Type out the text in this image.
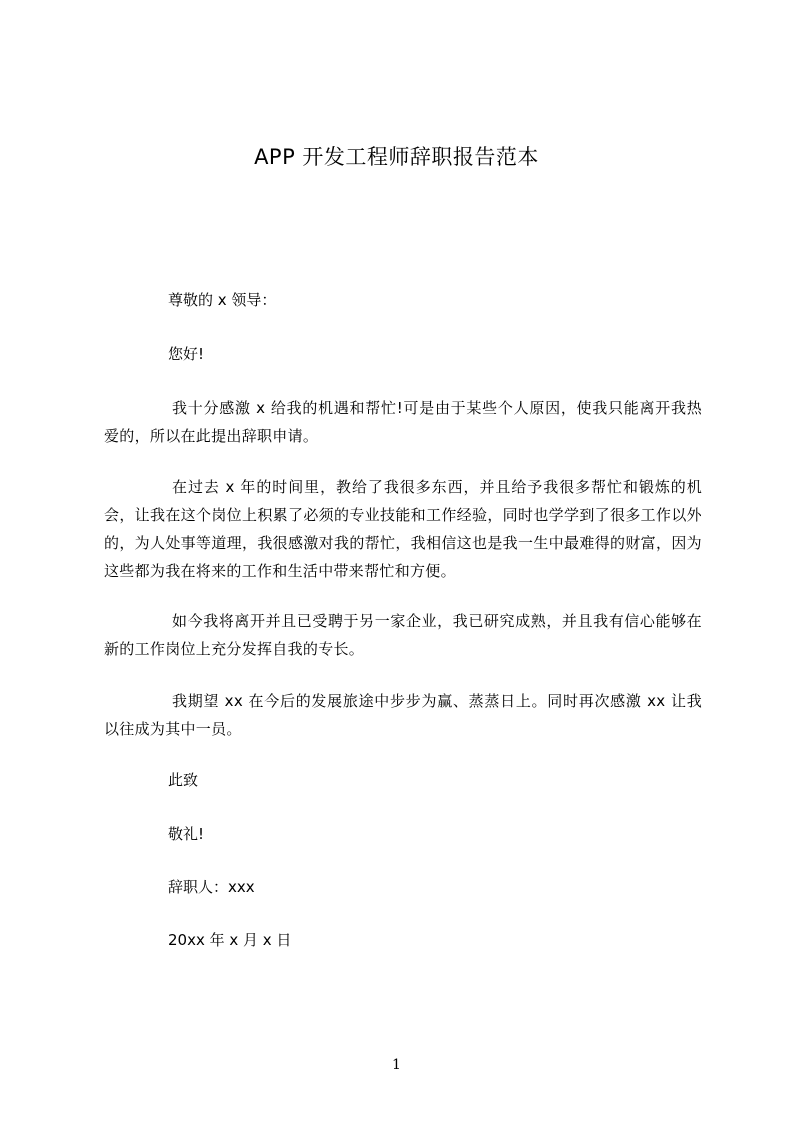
APP 开发工程师辞职报告范本
尊敬的 x 领导：
您好!
我十分感激 x 给我的机遇和帮忙!可是由于某些个人原因，使我只能离开我热爱的，所以在此提出辞职申请。
在过去 x 年的时间里，教给了我很多东西，并且给予我很多帮忙和锻炼的机会，让我在这个岗位上积累了必须的专业技能和工作经验，同时也学学到了很多工作以外的，为人处事等道理，我很感激对我的帮忙，我相信这也是我一生中最难得的财富，因为这些都为我在将来的工作和生活中带来帮忙和方便。
如今我将离开并且已受聘于另一家企业，我已研究成熟，并且我有信心能够在新的工作岗位上充分发挥自我的专长。
我期望 xx 在今后的发展旅途中步步为赢、蒸蒸日上。同时再次感激 xx 让我以往成为其中一员。
此致
敬礼!
辞职人：xxx
20xx 年 x 月 x 日
1
